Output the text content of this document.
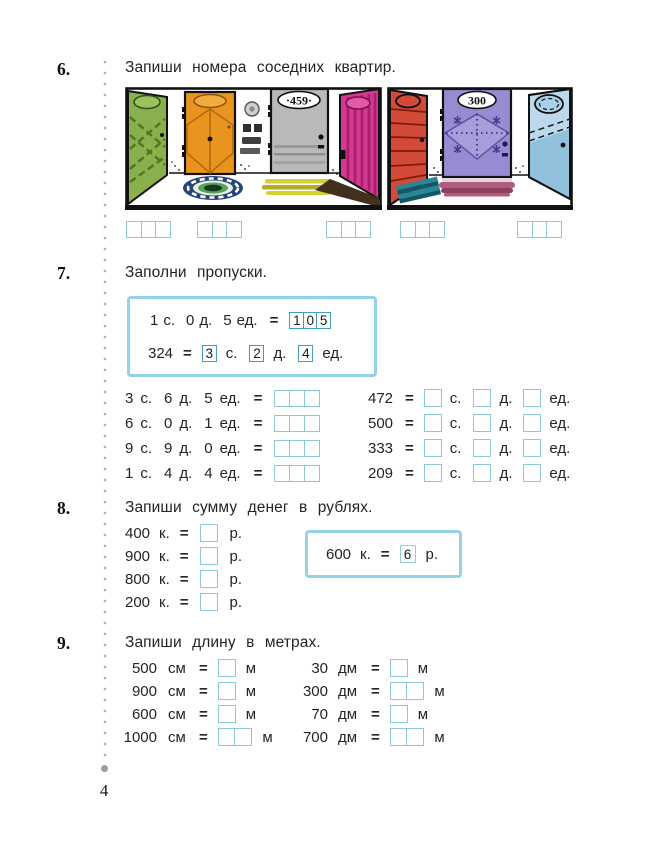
6.	Запиши номера соседних квартир.
·459·	300
7.	Заполни пропуски.
1 с. 0 д. 5 ед. = 1 0 5
324 = 3 с. 2 д. 4 ед.
3 с. 6 д. 5 ед. =
6 с. 0 д. 1 ед. =
9 с. 9 д. 0 ед. =
1 с. 4 д. 4 ед. =
472 = с.	д. ед.
500 = с.	д. ед.
333 = с.	д. ед.
209 = с.	д. ед.
8.	Запиши сумму денег в рублях.
400 к. =	р.
900 к. =	р.
800 к. =	р.
200 к. =	р.
600 к. =	6 р.
9.	Запиши длину в метрах.
500 см =	м
900 см =	м
600 см =	м
1000 см =	м
30 дм =	м
300 дм =	м
70 дм =	м
700 дм =	м
4
